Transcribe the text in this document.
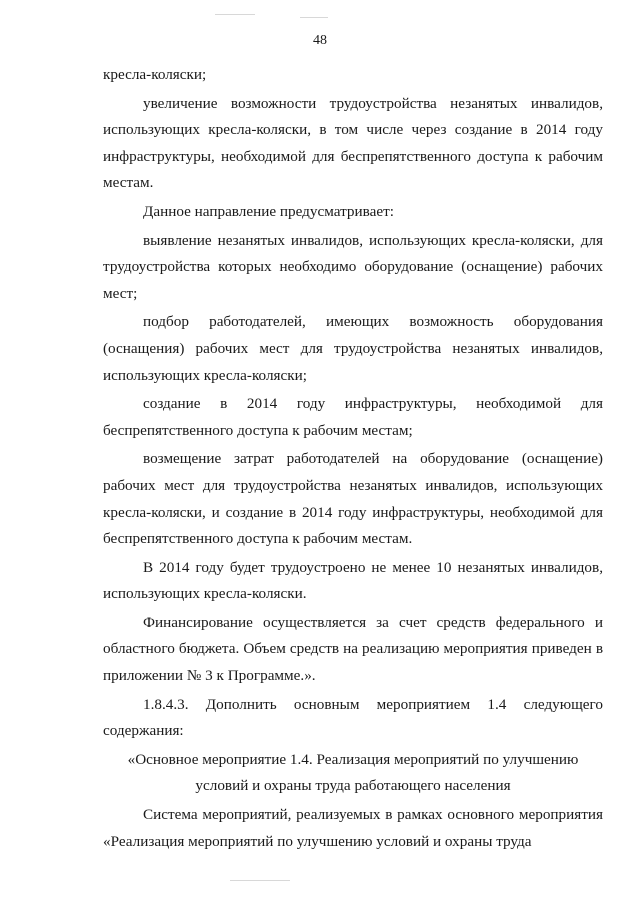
48

кресла-коляски;

увеличение возможности трудоустройства незанятых инвалидов, использующих кресла-коляски, в том числе через создание в 2014 году инфраструктуры, необходимой для беспрепятственного доступа к рабочим местам.

Данное направление предусматривает:

выявление незанятых инвалидов, использующих кресла-коляски, для трудоустройства которых необходимо оборудование (оснащение) рабочих мест;

подбор работодателей, имеющих возможность оборудования (оснащения) рабочих мест для трудоустройства незанятых инвалидов, использующих кресла-коляски;

создание в 2014 году инфраструктуры, необходимой для беспрепятственного доступа к рабочим местам;

возмещение затрат работодателей на оборудование (оснащение) рабочих мест для трудоустройства незанятых инвалидов, использующих кресла-коляски, и создание в 2014 году инфраструктуры, необходимой для беспрепятственного доступа к рабочим местам.

В 2014 году будет трудоустроено не менее 10 незанятых инвалидов, использующих кресла-коляски.

Финансирование осуществляется за счет средств федерального и областного бюджета. Объем средств на реализацию мероприятия приведен в приложении № 3 к Программе.».

1.8.4.3. Дополнить основным мероприятием 1.4 следующего содержания:

«Основное мероприятие 1.4. Реализация мероприятий по улучшению

условий и охраны труда работающего населения

Система мероприятий, реализуемых в рамках основного мероприятия «Реализация мероприятий по улучшению условий и охраны труда
